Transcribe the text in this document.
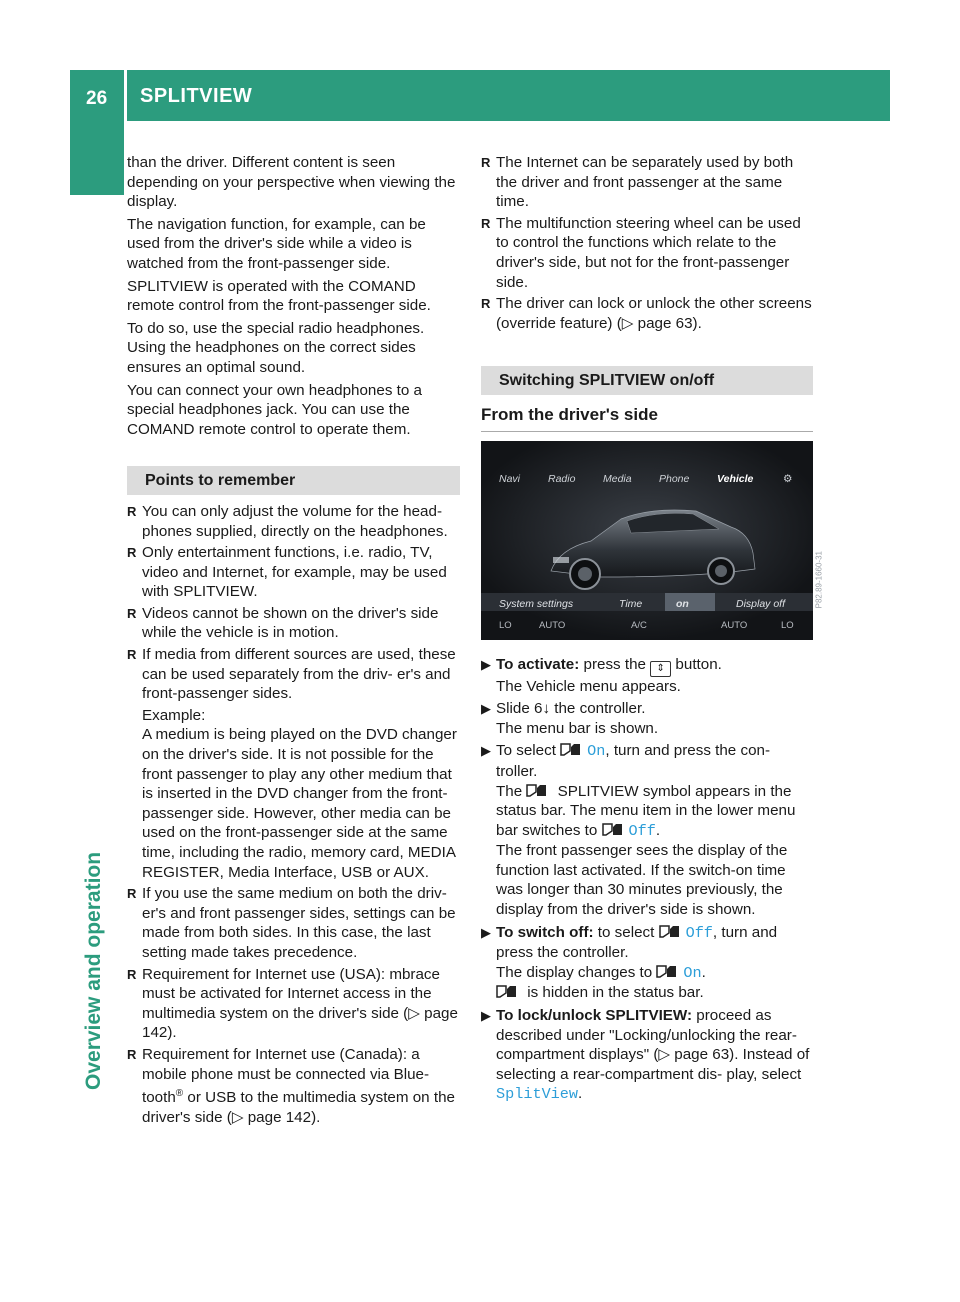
26 SPLITVIEW
Overview and operation

than the driver. Different content is seen depending on your perspective when viewing the display.

The navigation function, for example, can be used from the driver's side while a video is watched from the front-passenger side.

SPLITVIEW is operated with the COMAND remote control from the front-passenger side.

To do so, use the special radio headphones. Using the headphones on the correct sides ensures an optimal sound.

You can connect your own headphones to a special headphones jack. You can use the COMAND remote control to operate them.

Points to remember

R You can only adjust the volume for the head- phones supplied, directly on the headphones.
R Only entertainment functions, i.e. radio, TV, video and Internet, for example, may be used with SPLITVIEW.
R Videos cannot be shown on the driver's side while the vehicle is in motion.
R If media from different sources are used, these can be used separately from the driv- er's and front-passenger sides.

Example:

A medium is being played on the DVD changer on the driver's side. It is not possible for the front passenger to play any other medium that is inserted in the DVD changer from the front-passenger side. However, other media can be used on the front-passenger side at the same time, including the radio, memory card, MEDIA REGISTER, Media Interface, USB or AUX.

R If you use the same medium on both the driv- er's and front passenger sides, settings can be made from both sides. In this case, the last setting made takes precedence.
R Requirement for Internet use (USA): mbrace must be activated for Internet access in the multimedia system on the driver's side (▷ page 142).
R Requirement for Internet use (Canada): a mobile phone must be connected via Blue- tooth® or USB to the multimedia system on the driver's side (▷ page 142).
R The Internet can be separately used by both the driver and front passenger at the same time.
R The multifunction steering wheel can be used to control the functions which relate to the driver's side, but not for the front-passenger side.
R The driver can lock or unlock the other screens (override feature) (▷ page 63).

Switching SPLITVIEW on/off

From the driver's side

Navi	Radio	Media	Phone	Vehicle	⚙
System settings	Time	on	Display off
LO	AUTO	A/C	AUTO	LO
P82.89-1660-31
▶ To activate: press the ⇕ button.

The Vehicle menu appears.

▶ Slide 6↓ the controller.

The menu bar is shown.

▶ To select On, turn and press the con- troller.

The  SPLITVIEW symbol appears in the status bar. The menu item in the lower menu bar switches to Off.

The front passenger sees the display of the function last activated. If the switch-on time was longer than 30 minutes previously, the display from the driver's side is shown.

▶ To switch off: to select Off, turn and press the controller.

The display changes to On.

is hidden in the status bar.

▶ To lock/unlock SPLITVIEW: proceed as described under "Locking/unlocking the rear-compartment displays" (▷ page 63). Instead of selecting a rear-compartment dis- play, select SplitView.
